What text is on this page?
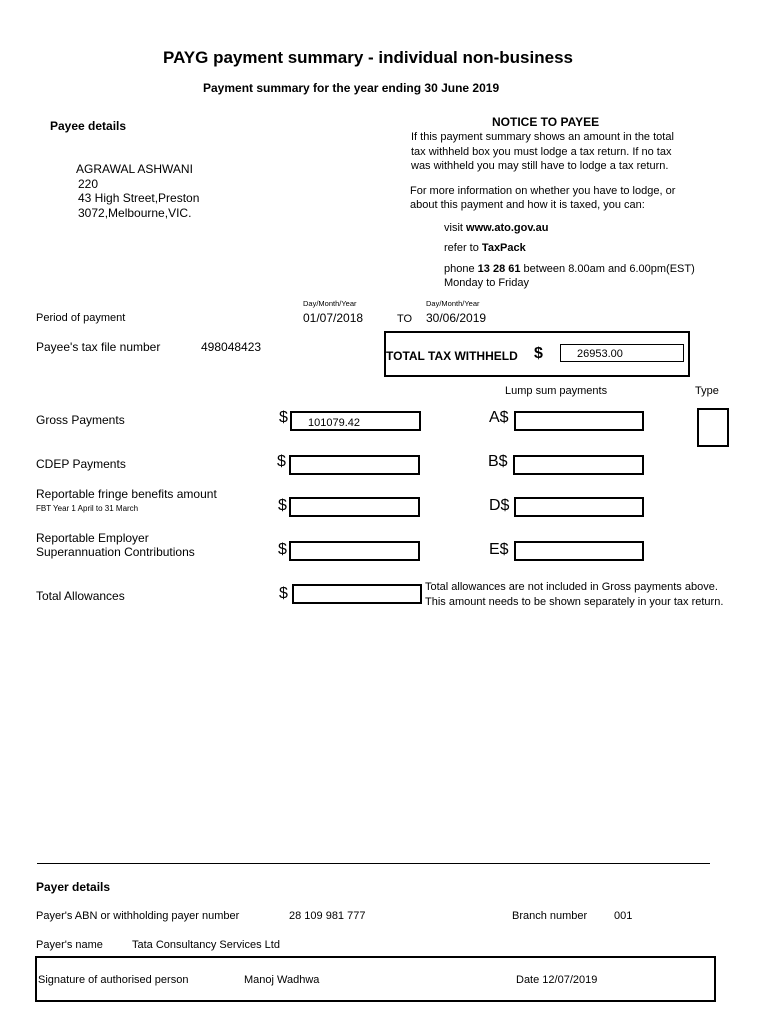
PAYG payment summary - individual non-business
Payment summary for the year ending 30 June 2019
Payee details
AGRAWAL ASHWANI
220
43 High Street,Preston
3072,Melbourne,VIC.
NOTICE TO PAYEE
If this payment summary shows an amount in the total
tax withheld box you must lodge a tax return. If no tax
was withheld you may still have to lodge a tax return.
For more information on whether you have to lodge, or
about this payment and how it is taxed, you can:
visit www.ato.gov.au
refer to TaxPack
phone 13 28 61 between 8.00am and 6.00pm(EST)
Monday to Friday
Day/Month/Year	Day/Month/Year
Period of payment	01/07/2018	TO 30/06/2019
Payee's tax file number	498048423
TOTAL TAX WITHHELD $	26953.00
Lump sum payments	Type
Gross Payments	$ 101079.42	A$
CDEP Payments	$	B$
Reportable fringe benefits amount
FBT Year 1 April to 31 March	$	D$
Reportable Employer
Superannuation Contributions	$	E$
Total Allowances	$	Total allowances are not included in Gross payments above.
This amount needs to be shown separately in your tax return.
Payer details
Payer's ABN or withholding payer number	28 109 981 777	Branch number 001
Payer's name	Tata Consultancy Services Ltd
Signature of authorised person	Manoj Wadhwa	Date 12/07/2019
